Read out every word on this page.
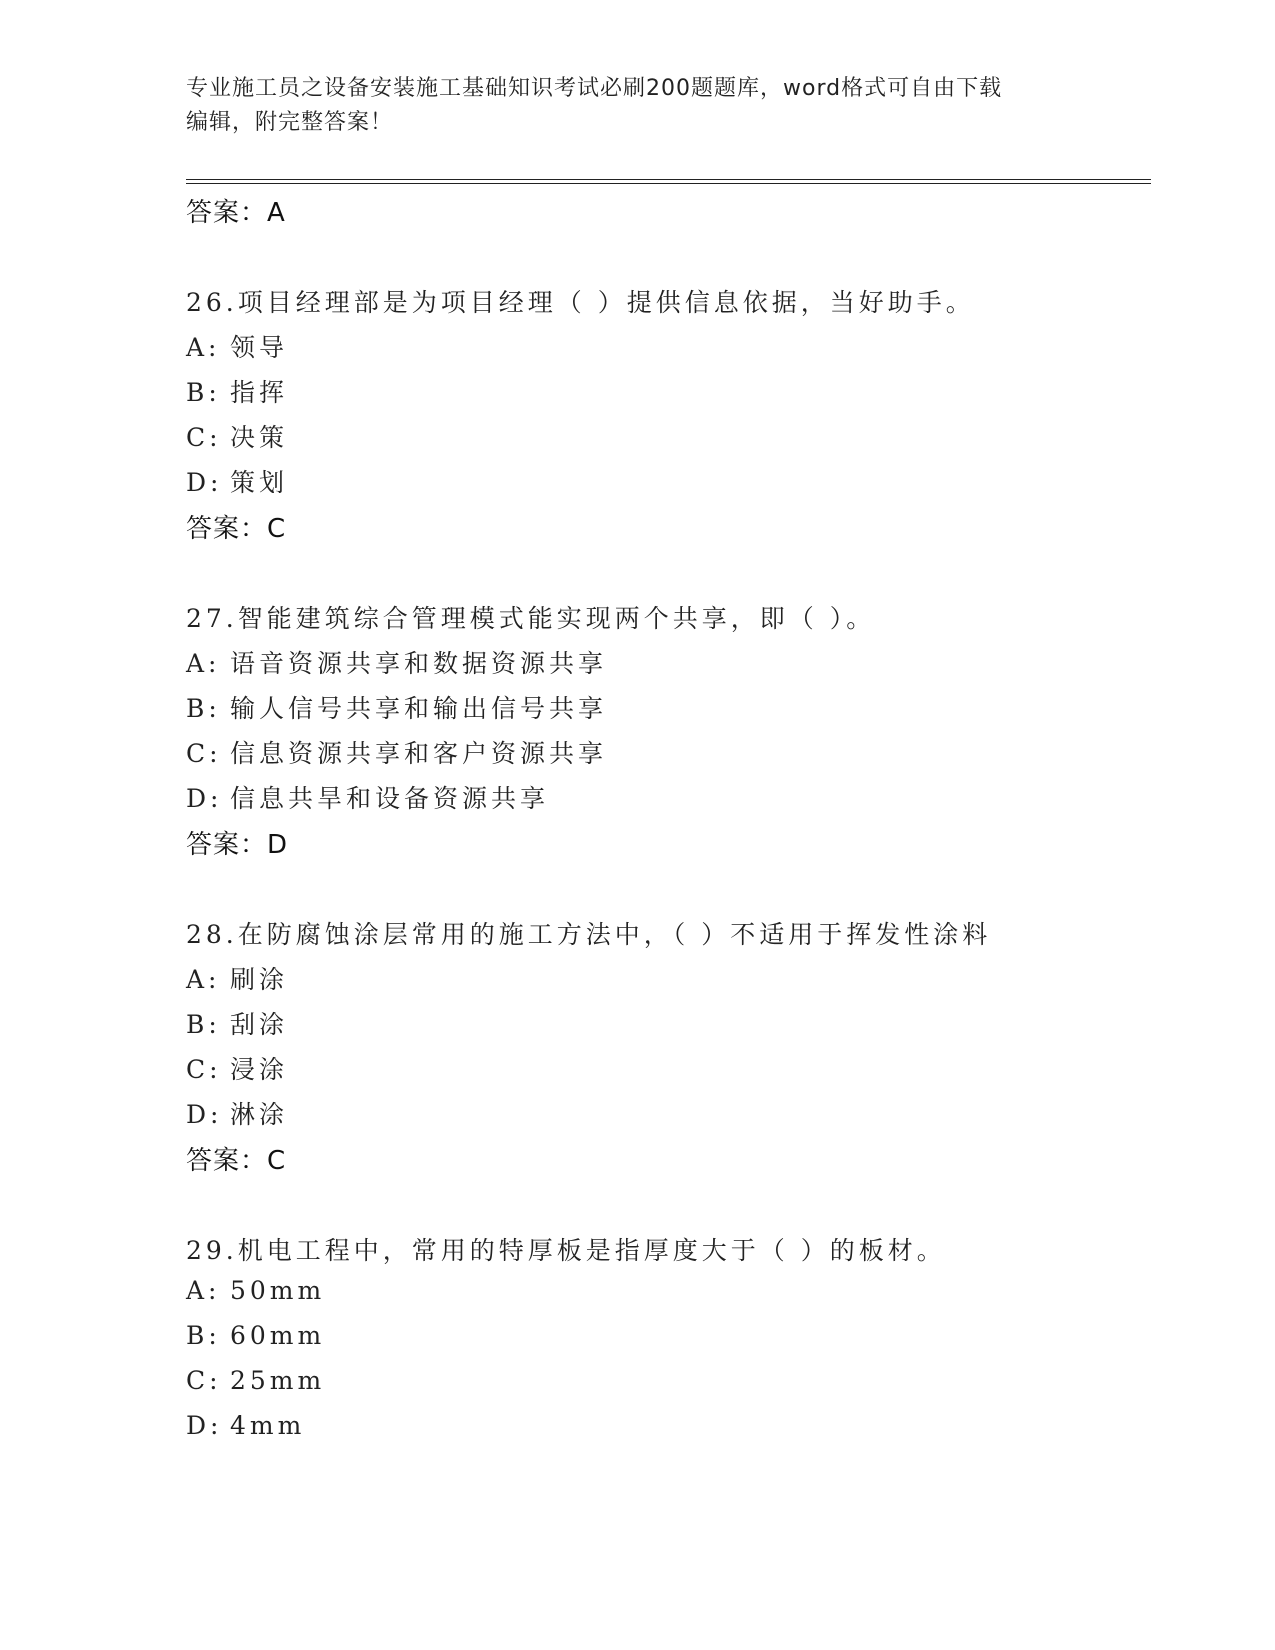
专业施工员之设备安装施工基础知识考试必刷200题题库，word格式可自由下载
编辑，附完整答案！
答案：A
26.项目经理部是为项目经理（ ）提供信息依据，当好助手。
A: 领导
B: 指挥
C: 决策
D: 策划
答案：C
27.智能建筑综合管理模式能实现两个共享，即（ ）。
A: 语音资源共享和数据资源共享
B: 输人信号共享和输出信号共享
C: 信息资源共享和客户资源共享
D: 信息共旱和设备资源共享
答案：D
28.在防腐蚀涂层常用的施工方法中，（ ）不适用于挥发性涂料
A: 刷涂
B: 刮涂
C: 浸涂
D: 淋涂
答案：C
29.机电工程中，常用的特厚板是指厚度大于（ ）的板材。
A: 50mm
B: 60mm
C: 25mm
D: 4mm
